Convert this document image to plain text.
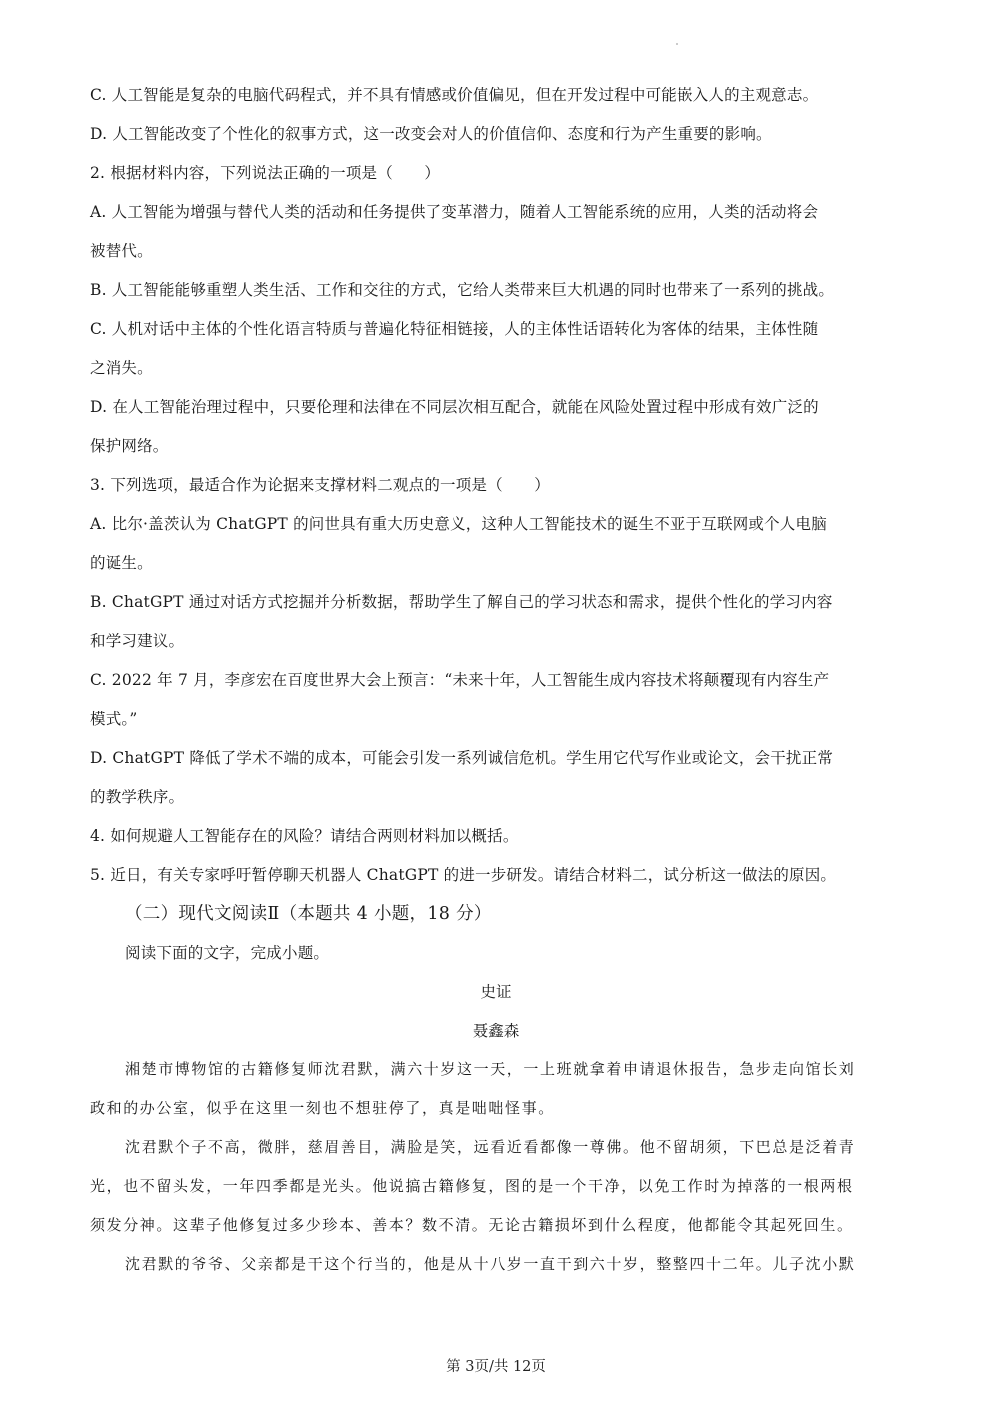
C. 人工智能是复杂的电脑代码程式，并不具有情感或价值偏见，但在开发过程中可能嵌入人的主观意志。
D. 人工智能改变了个性化的叙事方式，这一改变会对人的价值信仰、态度和行为产生重要的影响。
2. 根据材料内容，下列说法正确的一项是（　　）
A. 人工智能为增强与替代人类的活动和任务提供了变革潜力，随着人工智能系统的应用，人类的活动将会
被替代。
B. 人工智能能够重塑人类生活、工作和交往的方式，它给人类带来巨大机遇的同时也带来了一系列的挑战。
C. 人机对话中主体的个性化语言特质与普遍化特征相链接，人的主体性话语转化为客体的结果，主体性随
之消失。
D. 在人工智能治理过程中，只要伦理和法律在不同层次相互配合，就能在风险处置过程中形成有效广泛的
保护网络。
3. 下列选项，最适合作为论据来支撑材料二观点的一项是（　　）
A. 比尔·盖茨认为 ChatGPT 的问世具有重大历史意义，这种人工智能技术的诞生不亚于互联网或个人电脑
的诞生。
B. ChatGPT 通过对话方式挖掘并分析数据，帮助学生了解自己的学习状态和需求，提供个性化的学习内容
和学习建议。
C. 2022 年 7 月，李彦宏在百度世界大会上预言：“未来十年，人工智能生成内容技术将颠覆现有内容生产
模式。”
D. ChatGPT 降低了学术不端的成本，可能会引发一系列诚信危机。学生用它代写作业或论文，会干扰正常
的教学秩序。
4. 如何规避人工智能存在的风险？请结合两则材料加以概括。
5. 近日，有关专家呼吁暂停聊天机器人 ChatGPT 的进一步研发。请结合材料二，试分析这一做法的原因。
（二）现代文阅读Ⅱ（本题共 4 小题，18 分）
阅读下面的文字，完成小题。
史证
聂鑫森
湘楚市博物馆的古籍修复师沈君默，满六十岁这一天，一上班就拿着申请退休报告，急步走向馆长刘
政和的办公室，似乎在这里一刻也不想驻停了，真是咄咄怪事。
沈君默个子不高，微胖，慈眉善目，满脸是笑，远看近看都像一尊佛。他不留胡须，下巴总是泛着青
光，也不留头发，一年四季都是光头。他说搞古籍修复，图的是一个干净，以免工作时为掉落的一根两根
须发分神。这辈子他修复过多少珍本、善本？数不清。无论古籍损坏到什么程度，他都能令其起死回生。
沈君默的爷爷、父亲都是干这个行当的，他是从十八岁一直干到六十岁，整整四十二年。儿子沈小默
第 3页/共 12页
